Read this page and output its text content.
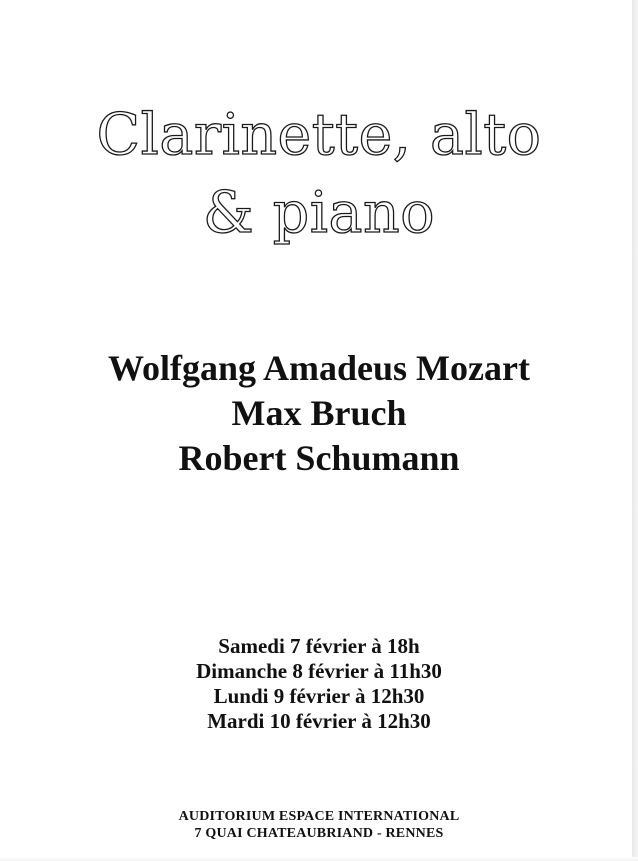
Clarinette, alto
& piano
Wolfgang Amadeus Mozart
Max Bruch
Robert Schumann
Samedi 7 février à 18h
Dimanche 8 février à 11h30
Lundi 9 février à 12h30
Mardi 10 février à 12h30
AUDITORIUM ESPACE INTERNATIONAL
7 QUAI CHATEAUBRIAND - RENNES
